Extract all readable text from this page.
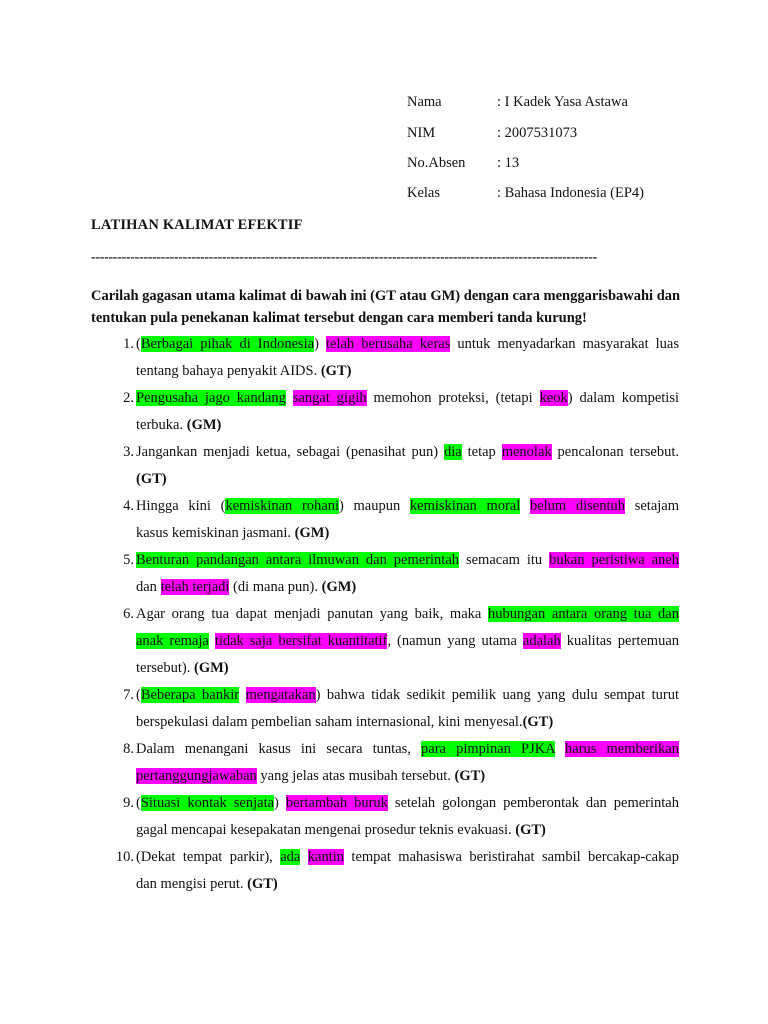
Nama	: I Kadek Yasa Astawa
NIM	: 2007531073
No.Absen : 13
Kelas	: Bahasa Indonesia (EP4)
LATIHAN KALIMAT EFEKTIF
--------------------------------------------------------------------------------------------------------------------
Carilah gagasan utama kalimat di bawah ini (GT atau GM) dengan cara menggarisbawahi dan tentukan pula penekanan kalimat tersebut dengan cara memberi tanda kurung!
1. (Berbagai pihak di Indonesia) telah berusaha keras untuk menyadarkan masyarakat luas
tentang bahaya penyakit AIDS. (GT)
2. Pengusaha jago kandang sangat gigih memohon proteksi, (tetapi keok) dalam kompetisi
terbuka. (GM)
3. Jangankan menjadi ketua, sebagai (penasihat pun) dia tetap menolak pencalonan tersebut.
(GT)
4. Hingga kini (kemiskinan rohani) maupun kemiskinan moral belum disentuh setajam
kasus kemiskinan jasmani. (GM)
5. Benturan pandangan antara ilmuwan dan pemerintah semacam itu bukan peristiwa aneh
dan telah terjadi (di mana pun). (GM)
6. Agar orang tua dapat menjadi panutan yang baik, maka hubungan antara orang tua dan
anak remaja tidak saja bersifat kuantitatif, (namun yang utama adalah kualitas pertemuan
tersebut). (GM)
7. (Beberapa bankir mengatakan) bahwa tidak sedikit pemilik uang yang dulu sempat turut
berspekulasi dalam pembelian saham internasional, kini menyesal.(GT)
8. Dalam menangani kasus ini secara tuntas, para pimpinan PJKA harus memberikan
pertanggungjawaban yang jelas atas musibah tersebut. (GT)
9. (Situasi kontak senjata) bertambah buruk setelah golongan pemberontak dan pemerintah
gagal mencapai kesepakatan mengenai prosedur teknis evakuasi. (GT)
10. (Dekat tempat parkir), ada kantin tempat mahasiswa beristirahat sambil bercakap-cakap
dan mengisi perut. (GT)
